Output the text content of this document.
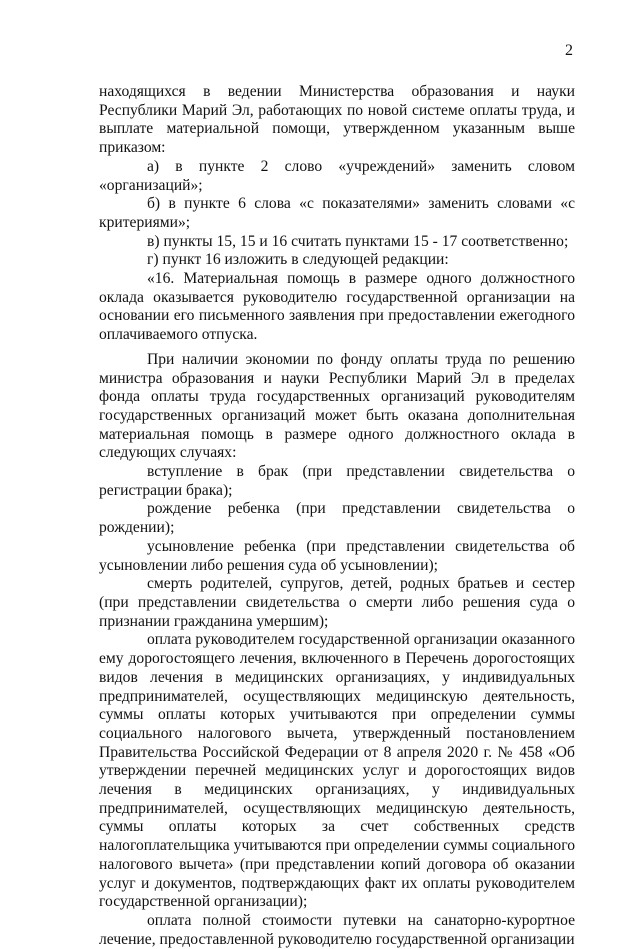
2

находящихся в ведении Министерства образования и науки Республики Марий Эл, работающих по новой системе оплаты труда, и выплате материальной помощи, утвержденном указанным выше приказом:

а) в пункте 2 слово «учреждений» заменить словом «организаций»;

б) в пункте 6 слова «с показателями» заменить словами «с критериями»;

в) пункты 15, 15 и 16 считать пунктами 15 - 17 соответственно;

г) пункт 16 изложить в следующей редакции:

«16. Материальная помощь в размере одного должностного оклада оказывается руководителю государственной организации на основании его письменного заявления при предоставлении ежегодного оплачиваемого отпуска.

При наличии экономии по фонду оплаты труда по решению министра образования и науки Республики Марий Эл в пределах фонда оплаты труда государственных организаций руководителям государственных организаций может быть оказана дополнительная материальная помощь в размере одного должностного оклада в следующих случаях:

вступление в брак (при представлении свидетельства о регистрации брака);

рождение ребенка (при представлении свидетельства о рождении);

усыновление ребенка (при представлении свидетельства об усыновлении либо решения суда об усыновлении);

смерть родителей, супругов, детей, родных братьев и сестер (при представлении свидетельства о смерти либо решения суда о признании гражданина умершим);

оплата руководителем государственной организации оказанного ему дорогостоящего лечения, включенного в Перечень дорогостоящих видов лечения в медицинских организациях, у индивидуальных предпринимателей, осуществляющих медицинскую деятельность, суммы оплаты которых учитываются при определении суммы социального налогового вычета, утвержденный постановлением Правительства Российской Федерации от 8 апреля 2020 г. № 458 «Об утверждении перечней медицинских услуг и дорогостоящих видов лечения в медицинских организациях, у индивидуальных предпринимателей, осуществляющих медицинскую деятельность, суммы оплаты которых за счет собственных средств налогоплательщика учитываются при определении суммы социального налогового вычета» (при представлении копий договора об оказании услуг и документов, подтверждающих факт их оплаты руководителем государственной организации);

оплата полной стоимости путевки на санаторно-курортное лечение, предоставленной руководителю государственной организации
